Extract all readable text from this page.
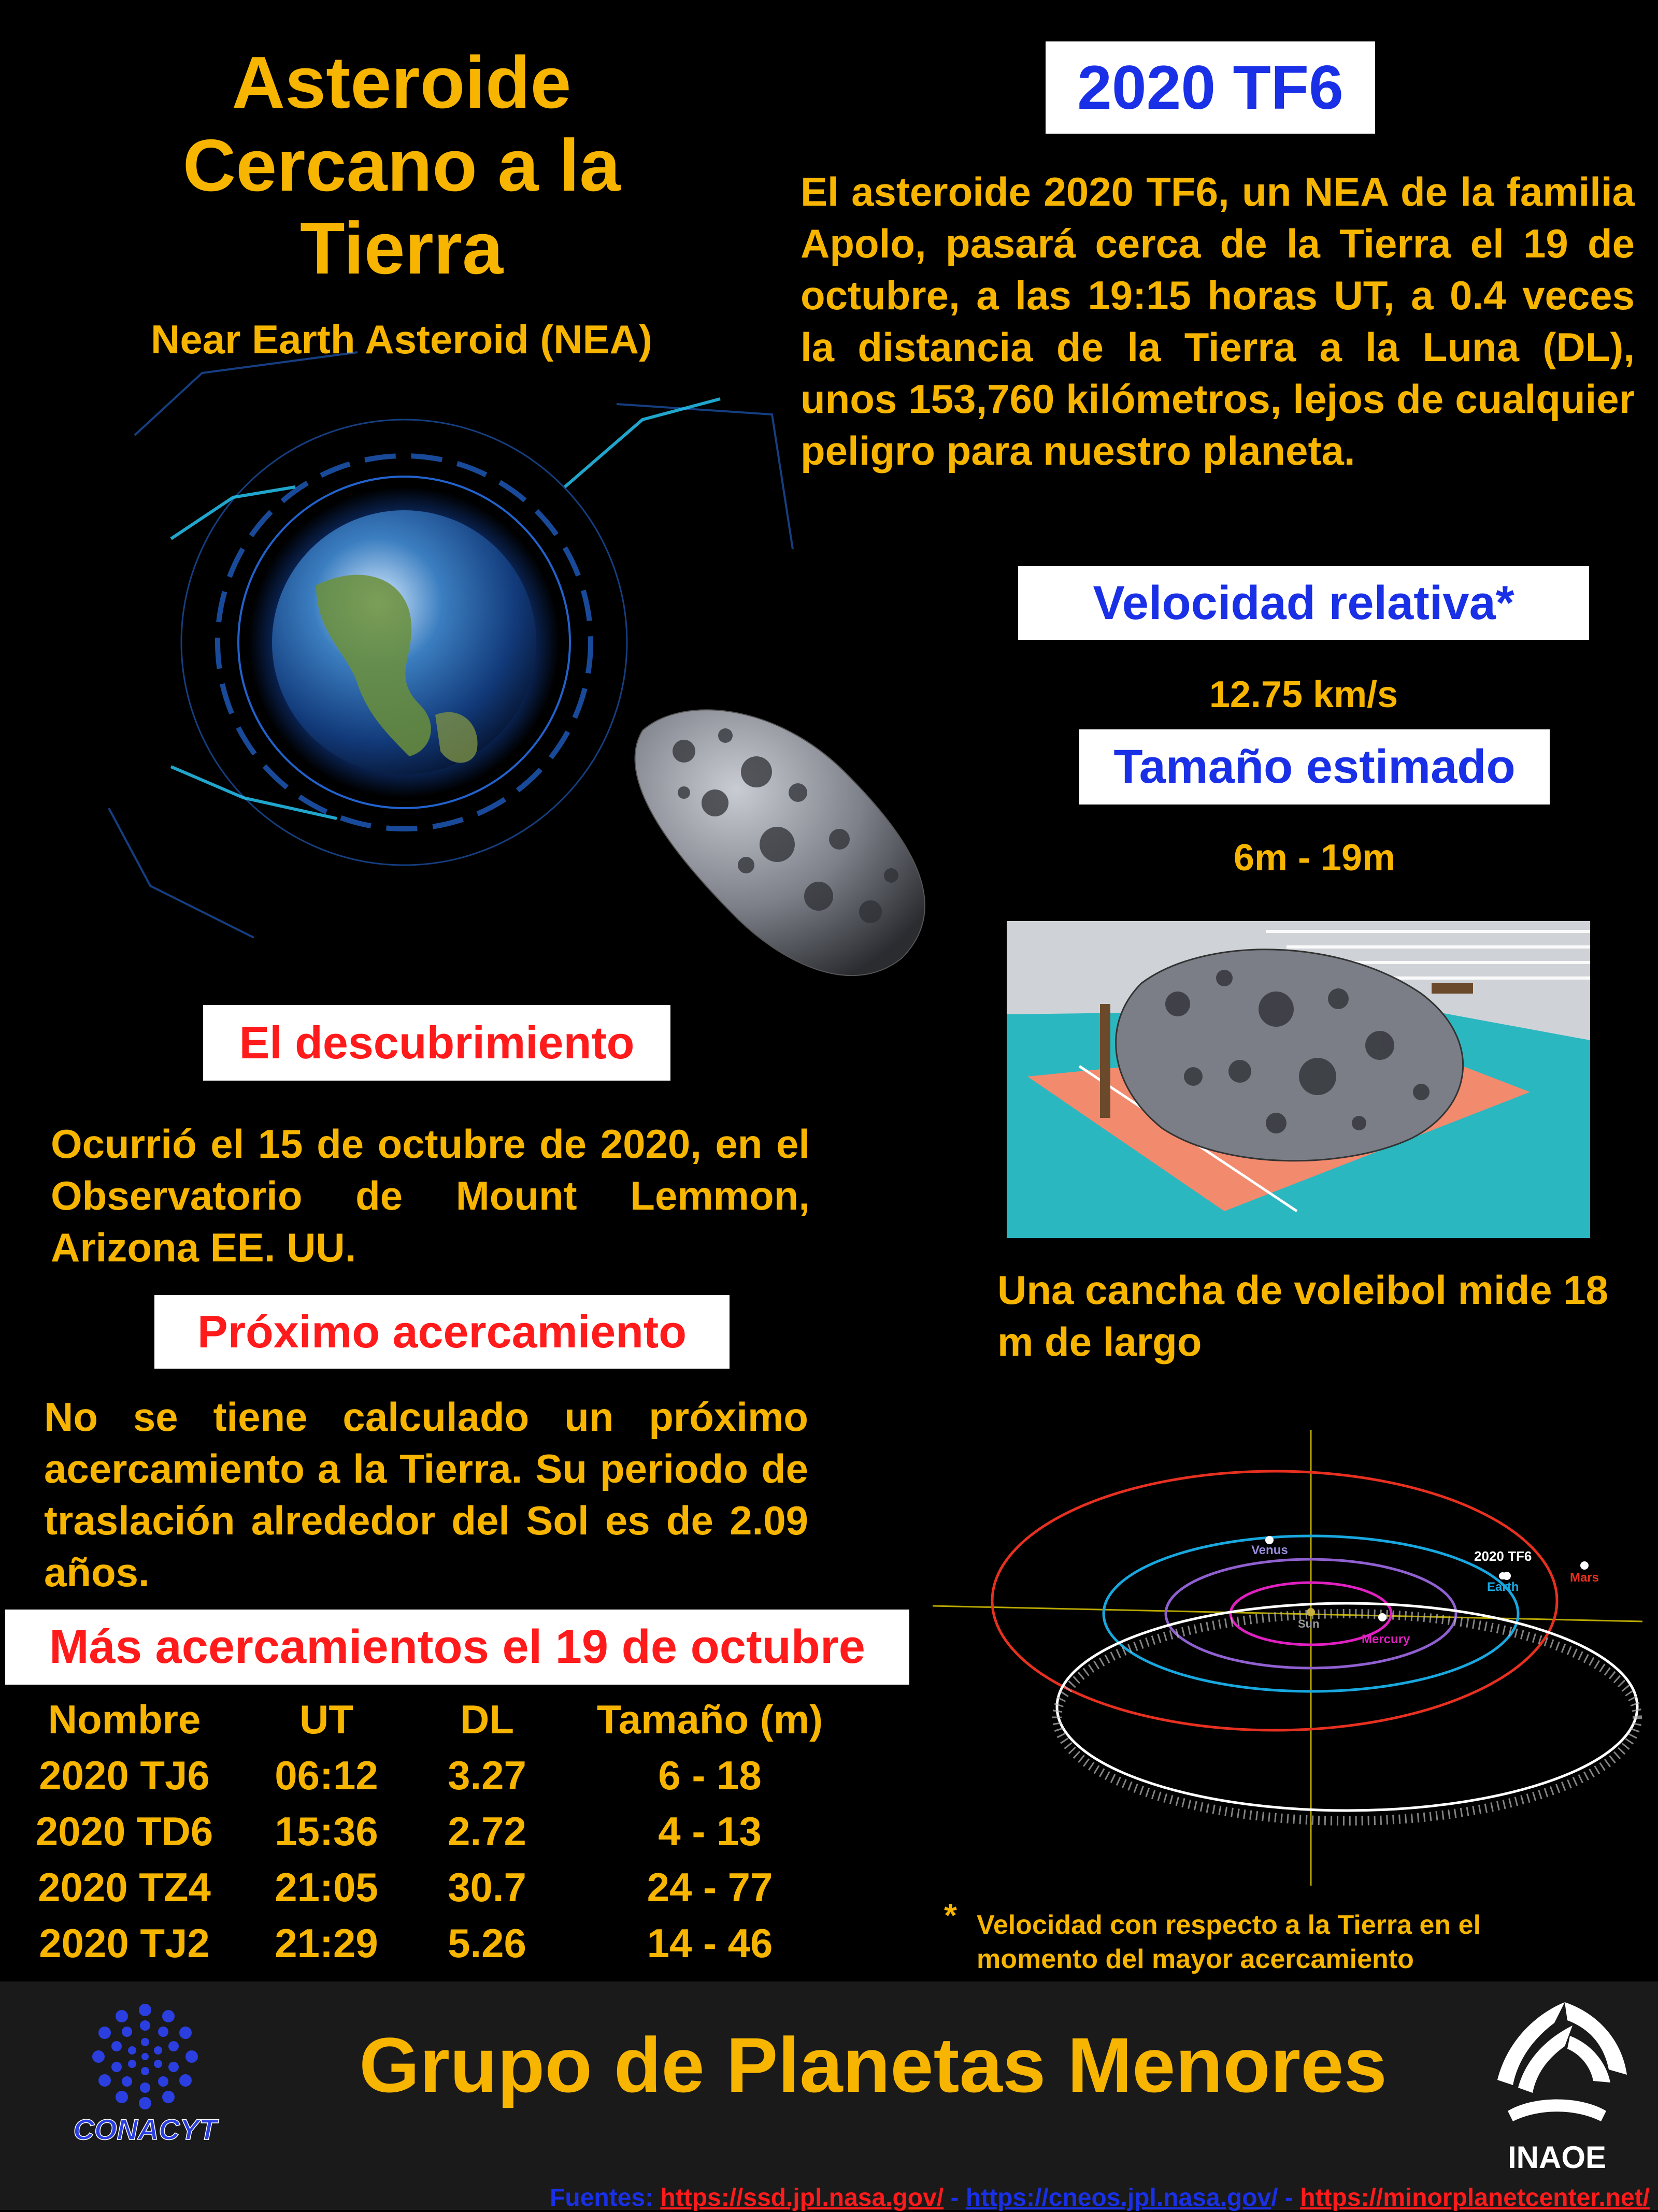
Asteroide
Cercano a la
Tierra
Near Earth Asteroid (NEA)
2020 TF6
El asteroide 2020 TF6, un NEA de la familia Apolo, pasará cerca de la Tierra el 19 de octubre, a las 19:15 horas UT, a 0.4 veces la distancia de la Tierra a la Luna (DL), unos 153,760 kilómetros, lejos de cualquier peligro para nuestro planeta.
Velocidad relativa*
12.75 km/s
Tamaño estimado
6m - 19m
Una cancha de voleibol mide 18 m de largo
El descubrimiento
Ocurrió el 15 de octubre de 2020, en el Observatorio de Mount Lemmon, Arizona EE. UU.
Próximo acercamiento
No se tiene calculado un próximo acercamiento a la Tierra. Su periodo de traslación alrededor del Sol es de 2.09 años.
Más acercamientos el 19 de octubre
Nombre	UT	DL	Tamaño (m)
2020 TJ6	06:12	3.27	6 - 18
2020 TD6	15:36	2.72	4 - 13
2020 TZ4	21:05	30.7	24 - 77
2020 TJ2	21:29	5.26	14 - 46
Venus	2020 TF6
Earth
Mars
Sun
Mercury
* Velocidad con respecto a la Tierra en el momento del mayor acercamiento
CONACYT
Grupo de Planetas Menores
INAOE
Fuentes: https://ssd.jpl.nasa.gov/ - https://cneos.jpl.nasa.gov/ - https://minorplanetcenter.net/
